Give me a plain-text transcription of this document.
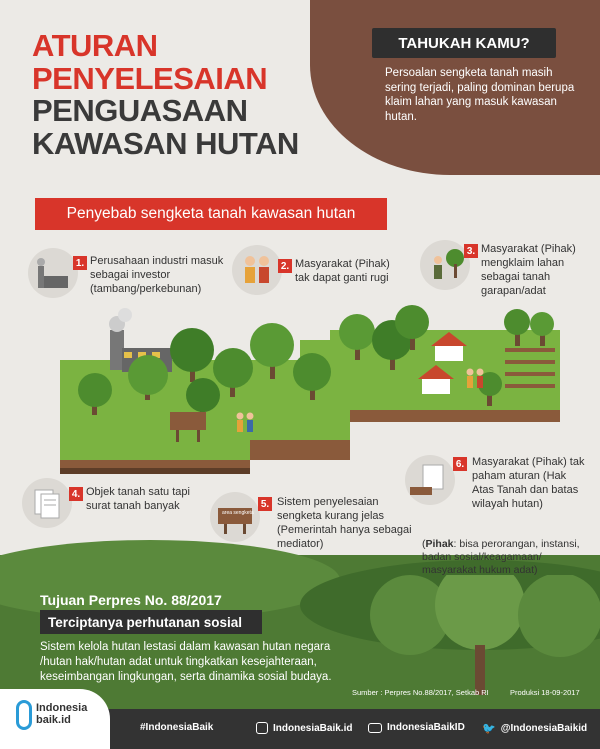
TAHUKAH KAMU?
Persoalan sengketa tanah masih sering terjadi, paling dominan berupa klaim lahan yang masuk kawasan hutan.
ATURAN
PENYELESAIAN
PENGUASAAN
KAWASAN HUTAN
Penyebab sengketa tanah kawasan hutan
1. Perusahaan industri masuk sebagai investor (tambang/perkebunan)
2. Masyarakat (Pihak) tak dapat ganti rugi
3. Masyarakat (Pihak) mengklaim lahan sebagai tanah garapan/adat
4. Objek tanah satu tapi surat tanah banyak
area sengketa
5. Sistem penyelesaian sengketa kurang jelas (Pemerintah hanya sebagai mediator)
6. Masyarakat (Pihak) tak paham aturan (Hak Atas Tanah dan batas wilayah hutan)
(Pihak: bisa perorangan, instansi, badan sosial/keagamaan/ masyarakat hukum adat)
Tujuan Perpres No. 88/2017
Terciptanya perhutanan sosial
Sistem kelola hutan lestasi dalam kawasan hutan negara /hutan hak/hutan adat untuk tingkatkan kesejahteraan, keseimbangan lingkungan, serta dinamika sosial budaya.
Sumber : Perpres No.88/2017, Setkab RI	Produksi 18-09-2017
#IndonesiaBaik	IndonesiaBaik.id	IndonesiaBaikID 🐦 @IndonesiaBaikid
Indonesia
baik.id
